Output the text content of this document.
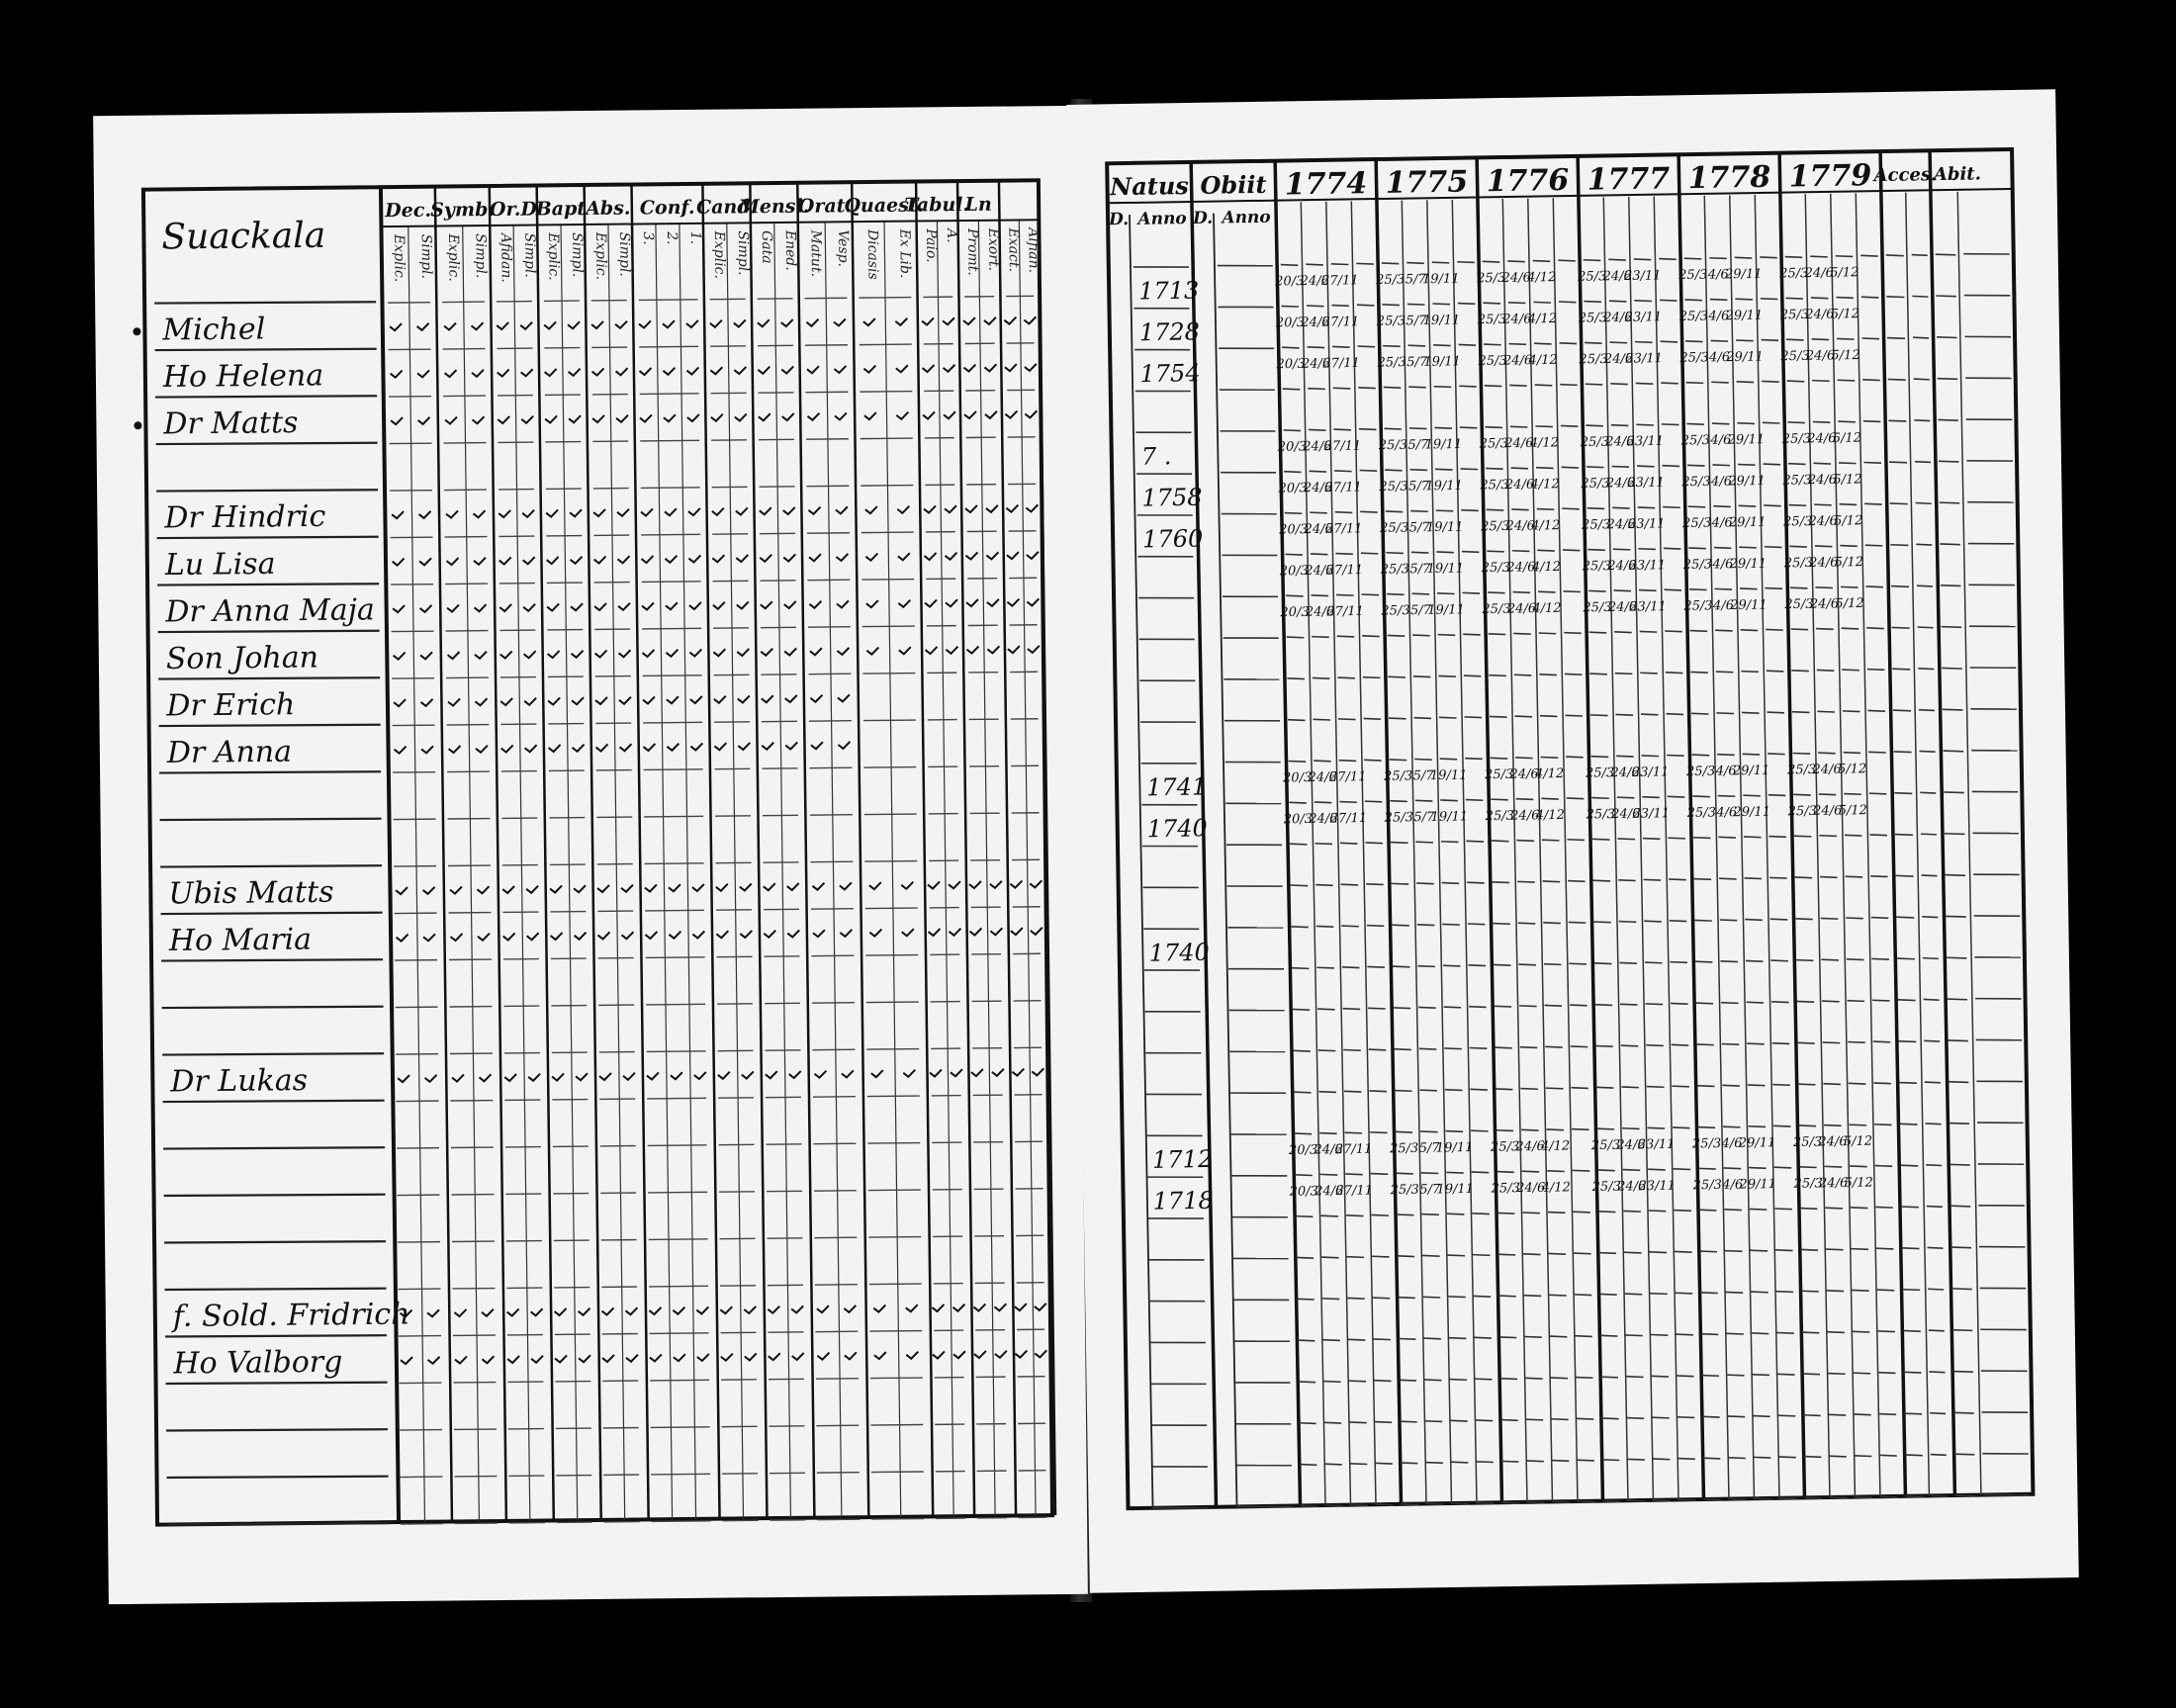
Dec.
Explic. Simpl.
Symb.
Explic. Simpl.
Or.D
Afidan. Simpl.
Bapt
Explic. Simpl.
Abs.
Explic. Simpl.
Conf.
3. 2. 1.
Cand.
Explic. Simpl.
Mensl.
Gata Ened.
Orat.
Matut. Vesp.
Quaest.
Dicasis Ex Lib.
Tabul.
Paio. A.
Ln
Promt. Exort. Exact. Alfian.
Suackala
Michel
Ho Helena
Dr Matts
Dr Hindric
Lu Lisa
Dr Anna Maja
Son Johan
Dr Erich
Dr Anna
Ubis Matts
Ho Maria
Dr Lukas
f. Sold. Fridrich
Ho Valborg
Natus Obiit
D. Anno D. Anno
1774 1775 1776 1777 1778 1779 Acces.
Abit.
1713
1728
1754
7 .
1758
1760
1741
1740
1740
1712
1718
20/3
24/6
27/11 25/3 5/7
19/11 25/3
24/6
4/12 25/3
24/6
23/11 25/3 4/6
29/11 25/3
24/6
5/12
20/3
24/6
27/11 25/3 5/7
19/11 25/3
24/6
4/12 25/3
24/6
23/11 25/3 4/6
29/11 25/3
24/6
5/12
20/3
24/6
27/11 25/3 5/7
19/11 25/3
24/6
4/12 25/3
24/6
23/11 25/3 4/6
29/11 25/3
24/6
5/12
20/3
24/6
27/11 25/3 5/7
19/11 25/3
24/6
4/12 25/3
24/6
23/11 25/3 4/6
29/11 25/3
24/6
5/12
20/3
24/6
27/11 25/3 5/7
19/11 25/3
24/6
4/12 25/3
24/6
23/11 25/3 4/6
29/11 25/3
24/6
5/12
20/3
24/6
27/11 25/3 5/7
19/11 25/3
24/6
4/12 25/3
24/6
23/11 25/3 4/6
29/11 25/3
24/6
5/12
20/3
24/6
27/11 25/3 5/7
19/11 25/3
24/6
4/12 25/3
24/6
23/11 25/3 4/6
29/11 25/3
24/6
5/12
20/3
24/6
27/11 25/3 5/7
19/11 25/3
24/6
4/12 25/3
24/6
23/11 25/3 4/6
29/11 25/3
24/6
5/12
20/3
24/6
27/11 25/3 5/7
19/11 25/3
24/6
4/12 25/3
24/6
23/11 25/3 4/6
29/11 25/3
24/6
5/12
20/3
24/6
27/11 25/3 5/7
19/11 25/3
24/6
4/12 25/3
24/6
23/11 25/3 4/6
29/11 25/3
24/6
5/12
20/3
24/6
27/11 25/3 5/7
19/11 25/3
24/6
4/12 25/3
24/6
23/11 25/3 4/6
29/11 25/3
24/6
5/12
20/3
24/6
27/11 25/3 5/7
19/11 25/3
24/6
4/12 25/3
24/6
23/11 25/3 4/6
29/11 25/3
24/6
5/12
